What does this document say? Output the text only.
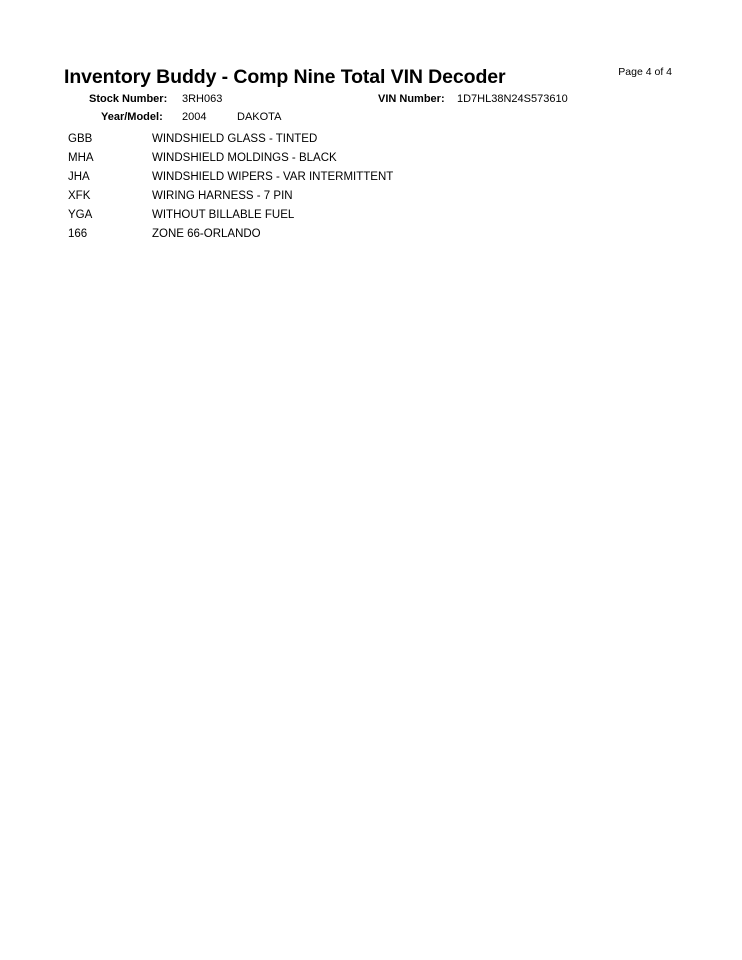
Inventory Buddy - Comp Nine Total VIN Decoder	Page 4 of 4
Stock Number: 3RH063	VIN Number: 1D7HL38N24S573610
Year/Model: 2004	DAKOTA
GBB	WINDSHIELD GLASS - TINTED
MHA	WINDSHIELD MOLDINGS - BLACK
JHA	WINDSHIELD WIPERS - VAR INTERMITTENT
XFK	WIRING HARNESS - 7 PIN
YGA	WITHOUT BILLABLE FUEL
166	ZONE 66-ORLANDO
